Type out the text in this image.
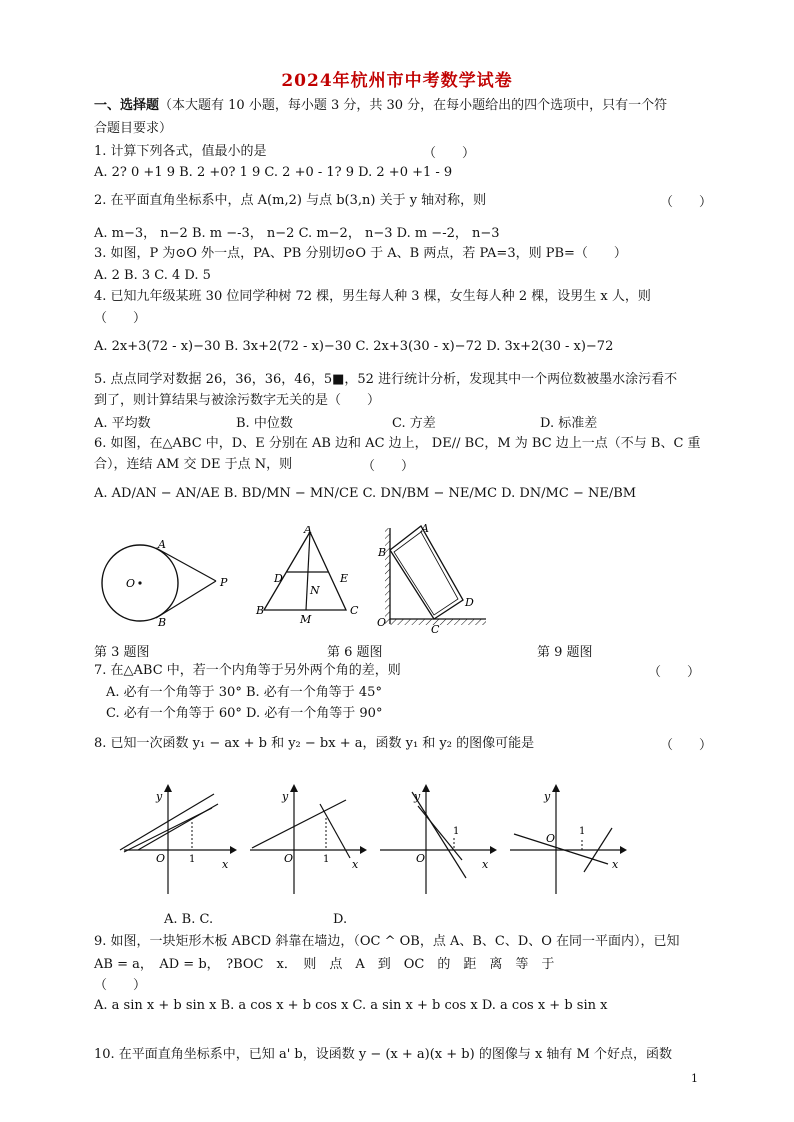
2024年杭州市中考数学试卷
一、选择题（本大题有 10 小题，每小题 3 分，共 30 分，在每小题给出的四个选项中，只有一个符
合题目要求）
1. 计算下列各式，值最小的是	（　　）
A. 2? 0 +1 9 B. 2 +0? 1 9 C. 2 +0 - 1? 9 D. 2 +0 +1 - 9
2. 在平面直角坐标系中，点 A(m,2) 与点 b(3,n) 关于 y 轴对称，则	（　　）
A. m−3， n−2 B. m −-3， n−2 C. m−2， n−3 D. m −-2， n−3
3. 如图，P 为⊙O 外一点，PA、PB 分别切⊙O 于 A、B 两点，若 PA=3，则 PB=（　　）
A. 2 B. 3 C. 4 D. 5
4. 已知九年级某班 30 位同学种树 72 棵，男生每人种 3 棵，女生每人种 2 棵，设男生 x 人，则
（　　）
A. 2x+3(72 - x)−30 B. 3x+2(72 - x)−30 C. 2x+3(30 - x)−72 D. 3x+2(30 - x)−72
5. 点点同学对数据 26，36，36，46，5■，52 进行统计分析，发现其中一个两位数被墨水涂污看不
到了，则计算结果与被涂污数字无关的是（　　）
A. 平均数	B. 中位数	C. 方差	D. 标准差
6. 如图，在△ABC 中，D、E 分别在 AB 边和 AC 边上， DE// BC，M 为 BC 边上一点（不与 B、C 重
合），连结 AM 交 DE 于点 N，则	（　　）
A. AD/AN − AN/AE B. BD/MN − MN/CE C. DN/BM − NE/MC D. DN/MC − NE/BM
A
B
O	P
A
D	E
N
B	C
M
A
B
D
O
C
第 3 题图	第 6 题图	第 9 题图
7. 在△ABC 中，若一个内角等于另外两个角的差，则	（　　）
A. 必有一个角等于 30° B. 必有一个角等于 45°
C. 必有一个角等于 60° D. 必有一个角等于 90°
8. 已知一次函数 y₁ − ax + b 和 y₂ − bx + a，函数 y₁ 和 y₂ 的图像可能是	（　　）
y
x
O 1
y
x
O	1
y
x
O
1
y
x
O
1
A. B. C.	D.
9. 如图，一块矩形木板 ABCD 斜靠在墙边，（OC ^ OB，点 A、B、C、D、O 在同一平面内），已知
AB = a，　AD = b，　?BOC　x．　则　点　A　到　OC　的　距　离　等　于
（　　）
A. a sin x + b sin x B. a cos x + b cos x C. a sin x + b cos x D. a cos x + b sin x
10. 在平面直角坐标系中，已知 a' b，设函数 y − (x + a)(x + b) 的图像与 x 轴有 M 个好点，函数
1
